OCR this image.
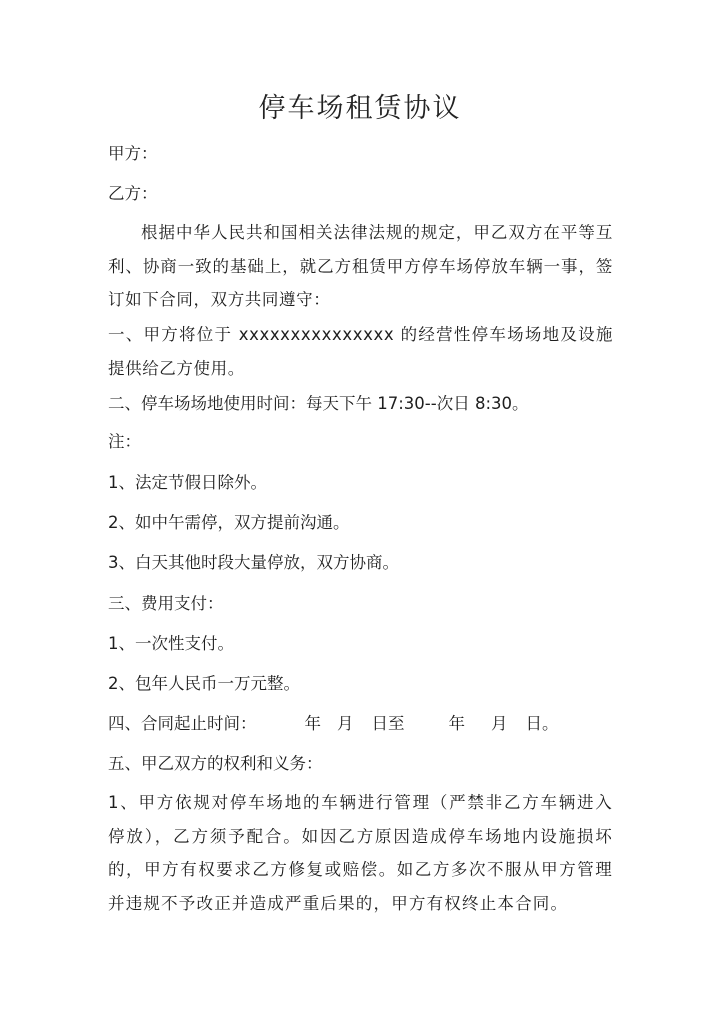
停车场租赁协议
甲方：
乙方：
根据中华人民共和国相关法律法规的规定，甲乙双方在平等互利、协商一致的基础上，就乙方租赁甲方停车场停放车辆一事，签订如下合同，双方共同遵守：
一、甲方将位于 xxxxxxxxxxxxxxx 的经营性停车场场地及设施提供给乙方使用。
二、停车场场地使用时间：每天下午 17:30--次日 8:30。
注：
1、法定节假日除外。
2、如中午需停，双方提前沟通。
3、白天其他时段大量停放，双方协商。
三、费用支付：
1、一次性支付。
2、包年人民币一万元整。
四、合同起止时间：	年 月 日至	年 月 日。
五、甲乙双方的权利和义务：
1、甲方依规对停车场地的车辆进行管理（严禁非乙方车辆进入停放），乙方须予配合。如因乙方原因造成停车场地内设施损坏的，甲方有权要求乙方修复或赔偿。如乙方多次不服从甲方管理并违规不予改正并造成严重后果的，甲方有权终止本合同。
